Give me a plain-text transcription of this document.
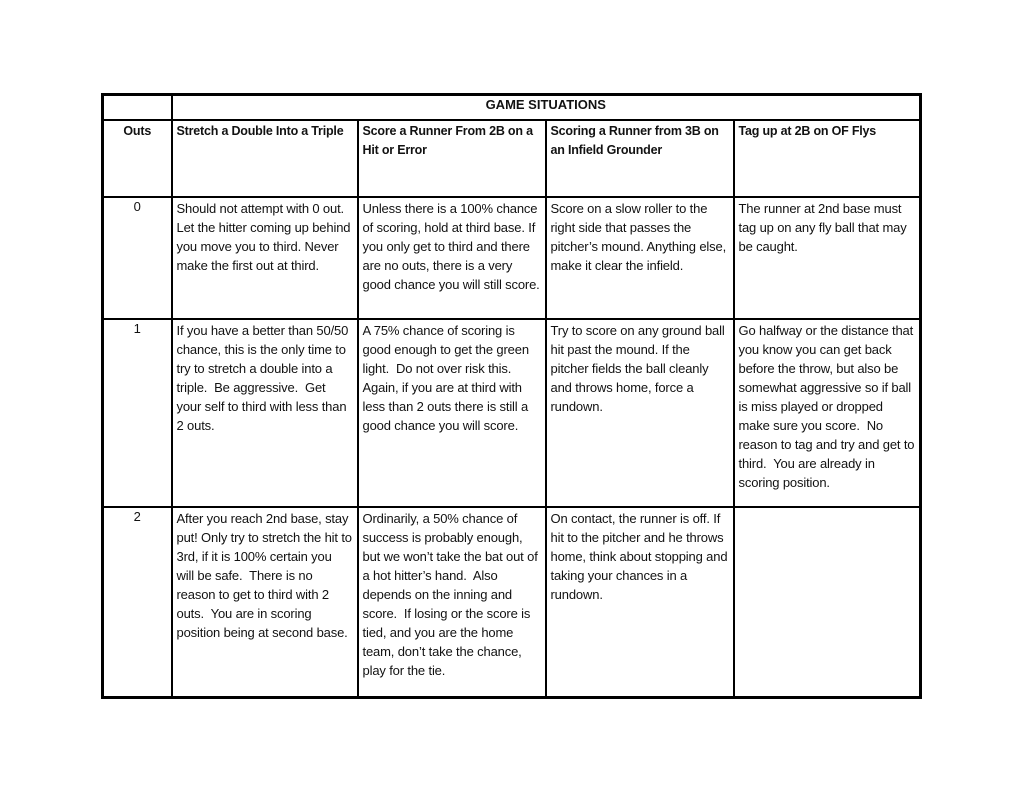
	GAME SITUATIONS			
Outs	Stretch a Double Into a Triple	Score a Runner From 2B on a Hit or Error	Scoring a Runner from 3B on an Infield Grounder	Tag up at 2B on OF Flys
0	Should not attempt with 0 out. Let the hitter coming up behind you move you to third. Never make the first out at third.	Unless there is a 100% chance of scoring, hold at third base. If you only get to third and there are no outs, there is a very good chance you will still score.	Score on a slow roller to the right side that passes the pitcher’s mound. Anything else, make it clear the infield.	The runner at 2nd base must tag up on any fly ball that may be caught.
1	If you have a better than 50/50 chance, this is the only time to try to stretch a double into a triple.  Be aggressive.  Get your self to third with less than 2 outs.	A 75% chance of scoring is good enough to get the green light.  Do not over risk this.  Again, if you are at third with less than 2 outs there is still a good chance you will score.	Try to score on any ground ball hit past the mound. If the pitcher fields the ball cleanly and throws home, force a rundown.	Go halfway or the distance that you know you can get back before the throw, but also be somewhat aggressive so if ball is miss played or dropped make sure you score.  No reason to tag and try and get to third.  You are already in scoring position.
2	After you reach 2nd base, stay put! Only try to stretch the hit to 3rd, if it is 100% certain you will be safe.  There is no reason to get to third with 2 outs.  You are in scoring position being at second base.	Ordinarily, a 50% chance of success is probably enough, but we won’t take the bat out of a hot hitter’s hand.  Also depends on the inning and score.  If losing or the score is tied, and you are the home team, don’t take the chance, play for the tie.	On contact, the runner is off. If hit to the pitcher and he throws home, think about stopping and taking your chances in a rundown.	
